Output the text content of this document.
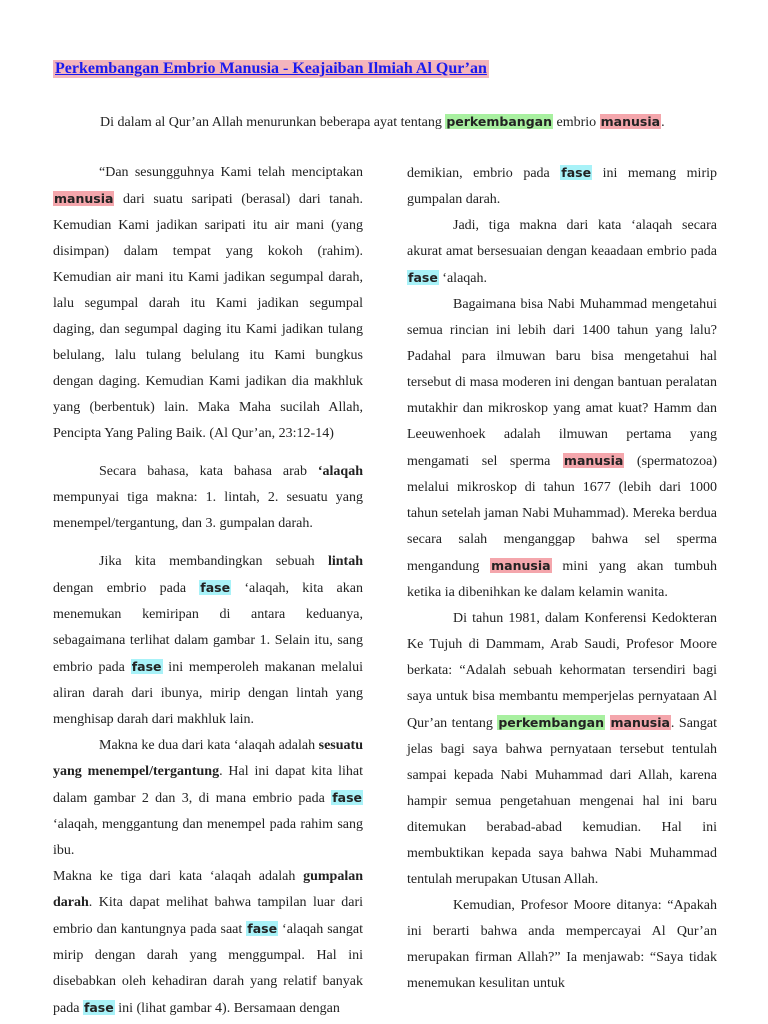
Perkembangan Embrio Manusia - Keajaiban Ilmiah Al Qur’an
Di dalam al Qur’an Allah menurunkan beberapa ayat tentang perkembangan embrio manusia.

“Dan sesungguhnya Kami telah menciptakan manusia dari suatu saripati (berasal) dari tanah. Kemudian Kami jadikan saripati itu air mani (yang disimpan) dalam tempat yang kokoh (rahim). Kemudian air mani itu Kami jadikan segumpal darah, lalu segumpal darah itu Kami jadikan segumpal daging, dan segumpal daging itu Kami jadikan tulang belulang, lalu tulang belulang itu Kami bungkus dengan daging. Kemudian Kami jadikan dia makhluk yang (berbentuk) lain. Maka Maha sucilah Allah, Pencipta Yang Paling Baik. (Al Qur’an, 23:12-14)

Secara bahasa, kata bahasa arab ‘alaqah mempunyai tiga makna: 1. lintah, 2. sesuatu yang menempel/tergantung, dan 3. gumpalan darah.

Jika kita membandingkan sebuah lintah dengan embrio pada fase ‘alaqah, kita akan menemukan kemiripan di antara keduanya, sebagaimana terlihat dalam gambar 1. Selain itu, sang embrio pada fase ini memperoleh makanan melalui aliran darah dari ibunya, mirip dengan lintah yang menghisap darah dari makhluk lain.

Makna ke dua dari kata ‘alaqah adalah sesuatu yang menempel/tergantung. Hal ini dapat kita lihat dalam gambar 2 dan 3, di mana embrio pada fase ‘alaqah, menggantung dan menempel pada rahim sang ibu.

Makna ke tiga dari kata ‘alaqah adalah gumpalan darah. Kita dapat melihat bahwa tampilan luar dari embrio dan kantungnya pada saat fase ‘alaqah sangat mirip dengan darah yang menggumpal. Hal ini disebabkan oleh kehadiran darah yang relatif banyak pada fase ini (lihat gambar 4). Bersamaan dengan

demikian, embrio pada fase ini memang mirip gumpalan darah.

Jadi, tiga makna dari kata ‘alaqah secara akurat amat bersesuaian dengan keaadaan embrio pada fase ‘alaqah.

Bagaimana bisa Nabi Muhammad mengetahui semua rincian ini lebih dari 1400 tahun yang lalu? Padahal para ilmuwan baru bisa mengetahui hal tersebut di masa moderen ini dengan bantuan peralatan mutakhir dan mikroskop yang amat kuat? Hamm dan Leeuwenhoek adalah ilmuwan pertama yang mengamati sel sperma manusia (spermatozoa) melalui mikroskop di tahun 1677 (lebih dari 1000 tahun setelah jaman Nabi Muhammad). Mereka berdua secara salah menganggap bahwa sel sperma mengandung manusia mini yang akan tumbuh ketika ia dibenihkan ke dalam kelamin wanita.

Di tahun 1981, dalam Konferensi Kedokteran Ke Tujuh di Dammam, Arab Saudi, Profesor Moore berkata: “Adalah sebuah kehormatan tersendiri bagi saya untuk bisa membantu memperjelas pernyataan Al Qur’an tentang perkembangan manusia. Sangat jelas bagi saya bahwa pernyataan tersebut tentulah sampai kepada Nabi Muhammad dari Allah, karena hampir semua pengetahuan mengenai hal ini baru ditemukan berabad-abad kemudian. Hal ini membuktikan kepada saya bahwa Nabi Muhammad tentulah merupakan Utusan Allah.

Kemudian, Profesor Moore ditanya: “Apakah ini berarti bahwa anda mempercayai Al Qur’an merupakan firman Allah?” Ia menjawab: “Saya tidak menemukan kesulitan untuk
